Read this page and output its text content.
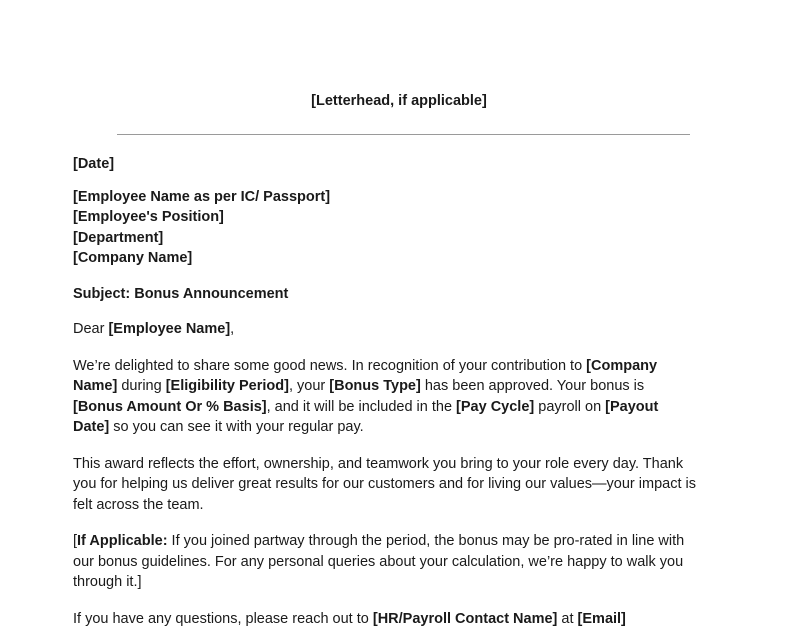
[Letterhead, if applicable]

[Date]

[Employee Name as per IC/ Passport]
[Employee's Position]
[Department]
[Company Name]

Subject: Bonus Announcement

Dear [Employee Name],

We’re delighted to share some good news. In recognition of your contribution to [Company Name] during [Eligibility Period], your [Bonus Type] has been approved. Your bonus is [Bonus Amount Or % Basis], and it will be included in the [Pay Cycle] payroll on [Payout Date] so you can see it with your regular pay.

This award reflects the effort, ownership, and teamwork you bring to your role every day. Thank you for helping us deliver great results for our customers and for living our values—your impact is felt across the team.

[If Applicable: If you joined partway through the period, the bonus may be pro-rated in line with our bonus guidelines. For any personal queries about your calculation, we’re happy to walk you through it.]

If you have any questions, please reach out to [HR/Payroll Contact Name] at [Email]
